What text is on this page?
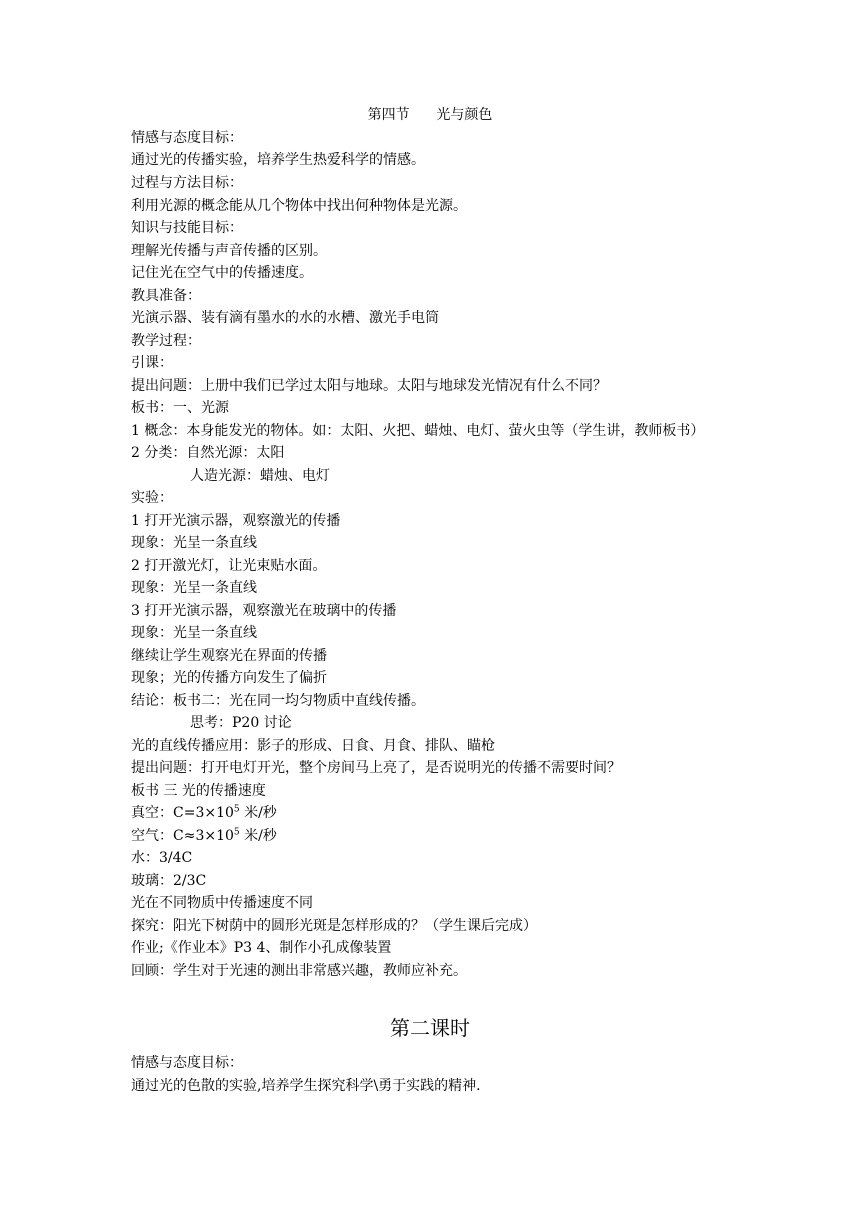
第四节      光与颜色
情感与态度目标：
通过光的传播实验，培养学生热爱科学的情感。
过程与方法目标：
利用光源的概念能从几个物体中找出何种物体是光源。
知识与技能目标：
理解光传播与声音传播的区别。
记住光在空气中的传播速度。
教具准备：
光演示器、装有滴有墨水的水的水槽、激光手电筒
教学过程：
引课：
提出问题：上册中我们已学过太阳与地球。太阳与地球发光情况有什么不同？
板书：一、光源
1 概念：本身能发光的物体。如：太阳、火把、蜡烛、电灯、萤火虫等（学生讲，教师板书）
2 分类：自然光源：太阳
人造光源：蜡烛、电灯
实验：
1 打开光演示器，观察激光的传播
现象：光呈一条直线
2 打开激光灯，让光束贴水面。
现象：光呈一条直线
3 打开光演示器，观察激光在玻璃中的传播
现象：光呈一条直线
继续让学生观察光在界面的传播
现象；光的传播方向发生了偏折
结论：板书二：光在同一均匀物质中直线传播。
思考：P20 讨论
光的直线传播应用：影子的形成、日食、月食、排队、瞄枪
提出问题：打开电灯开光，整个房间马上亮了，是否说明光的传播不需要时间？
板书 三 光的传播速度
真空：$C=3\times 10^5$ 米/秒
空气：$C\approx 3\times 10^5$ 米/秒
水：3/4C
玻璃：2/3C
光在不同物质中传播速度不同
探究：阳光下树荫中的圆形光斑是怎样形成的？（学生课后完成）
作业;《作业本》P3 4、制作小孔成像装置
回顾：学生对于光速的测出非常感兴趣，教师应补充。
第二课时
情感与态度目标：
通过光的色散的实验,培养学生探究科学\勇于实践的精神.
